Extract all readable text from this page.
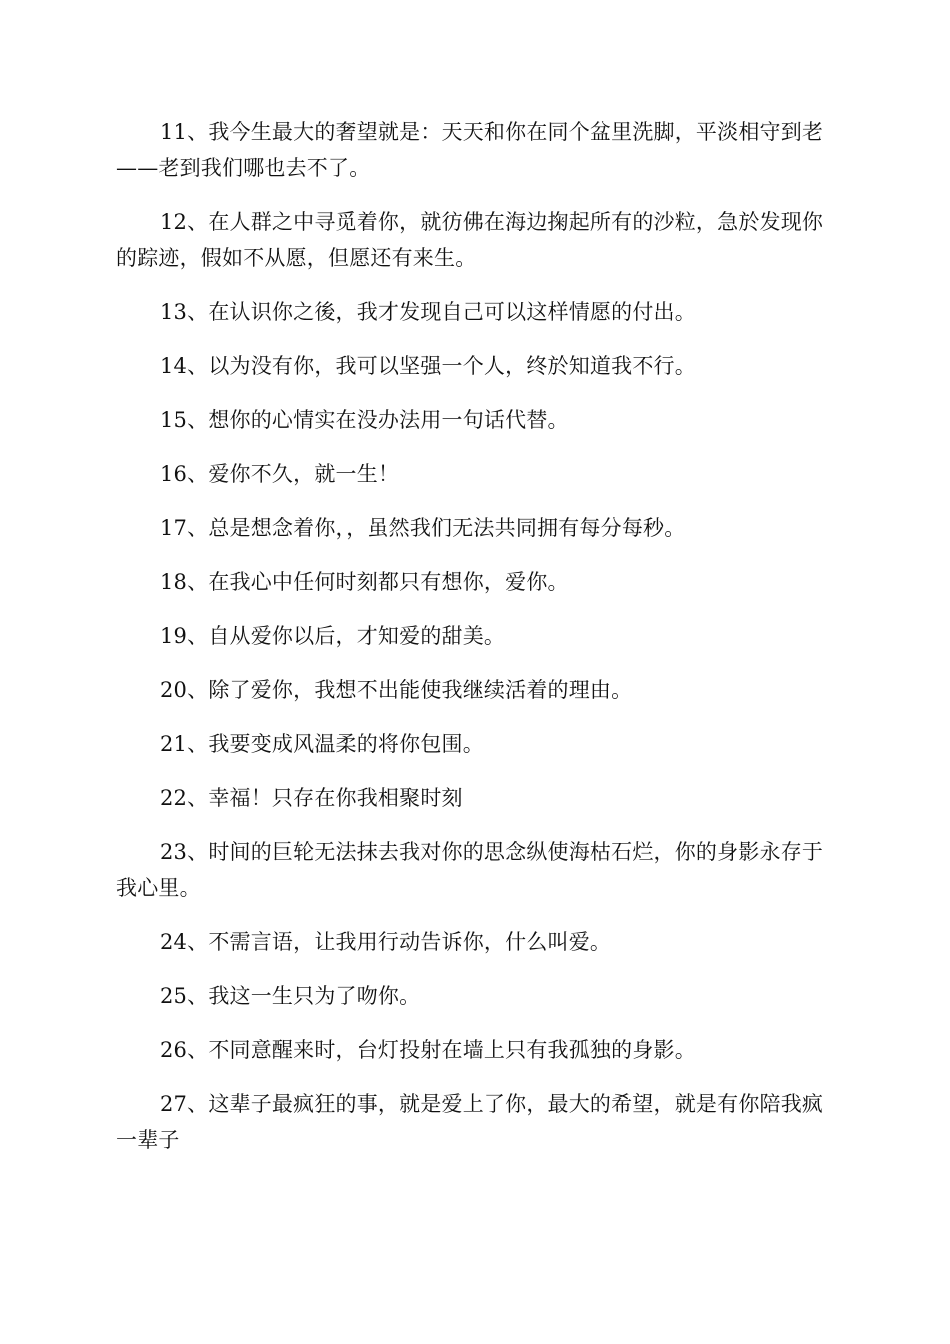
11、我今生最大的奢望就是：天天和你在同个盆里洗脚，平淡相守到老——老到我们哪也去不了。

12、在人群之中寻觅着你，就彷佛在海边掬起所有的沙粒，急於发现你的踪迹，假如不从愿，但愿还有来生。

13、在认识你之後，我才发现自己可以这样情愿的付出。

14、以为没有你，我可以坚强一个人，终於知道我不行。

15、想你的心情实在没办法用一句话代替。

16、爱你不久，就一生！

17、总是想念着你，，虽然我们无法共同拥有每分每秒。

18、在我心中任何时刻都只有想你，爱你。

19、自从爱你以后，才知爱的甜美。

20、除了爱你，我想不出能使我继续活着的理由。

21、我要变成风温柔的将你包围。

22、幸福！只存在你我相聚时刻

23、时间的巨轮无法抹去我对你的思念纵使海枯石烂，你的身影永存于我心里。

24、不需言语，让我用行动告诉你，什么叫爱。

25、我这一生只为了吻你。

26、不同意醒来时，台灯投射在墙上只有我孤独的身影。

27、这辈子最疯狂的事，就是爱上了你，最大的希望，就是有你陪我疯一辈子
